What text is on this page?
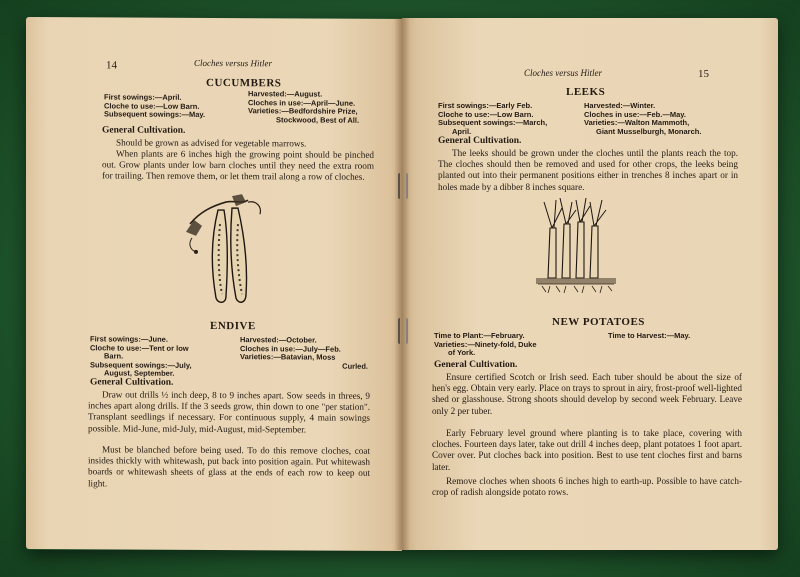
14	Cloches versus Hitler
CUCUMBERS
First sowings:—April.
Cloche to use:—Low Barn.
Subsequent sowings:—May.
Harvested:—August.
Cloches in use:—April—June.
Varieties:—Bedfordshire Prize,
Stockwood, Best of All.
General Cultivation.
Should be grown as advised for vegetable marrows.
When plants are 6 inches high the growing point should be pinched out. Grow plants under low barn cloches until they need the extra room for trailing. Then remove them, or let them trail along a row of cloches.
ENDIVE
First sowings:—June.
Cloche to use:—Tent or low
Barn.
Subsequent sowings:—July,
August, September.
Harvested:—October.
Cloches in use:—July—Feb.
Varieties:—Batavian, Moss
Curled.
General Cultivation.
Draw out drills ½ inch deep, 8 to 9 inches apart. Sow seeds in threes, 9 inches apart along drills. If the 3 seeds grow, thin down to one "per station". Transplant seedlings if necessary. For continuous supply, 4 main sowings possible. Mid-June, mid-July, mid-August, mid-September.
Must be blanched before being used. To do this remove cloches, coat insides thickly with whitewash, put back into position again. Put whitewash boards or whitewash sheets of glass at the ends of each row to keep out light.
Cloches versus Hitler	15
LEEKS
First sowings:—Early Feb.
Cloche to use:—Low Barn.
Subsequent sowings:—March,
April.
Harvested:—Winter.
Cloches in use:—Feb.—May.
Varieties:—Walton Mammoth,
Giant Musselburgh, Monarch.
General Cultivation.
The leeks should be grown under the cloches until the plants reach the top. The cloches should then be removed and used for other crops, the leeks being planted out into their permanent positions either in trenches 8 inches apart or in holes made by a dibber 8 inches square.
NEW POTATOES
Time to Plant:—February.
Varieties:—Ninety-fold, Duke
of York.
Time to Harvest:—May.
General Cultivation.
Ensure certified Scotch or Irish seed. Each tuber should be about the size of hen's egg. Obtain very early. Place on trays to sprout in airy, frost-proof well-lighted shed or glasshouse. Strong shoots should develop by second week February. Leave only 2 per tuber.
Early February level ground where planting is to take place, covering with cloches. Fourteen days later, take out drill 4 inches deep, plant potatoes 1 foot apart. Cover over. Put cloches back into position. Best to use tent cloches first and barns later.
Remove cloches when shoots 6 inches high to earth-up. Possible to have catch-crop of radish alongside potato rows.
